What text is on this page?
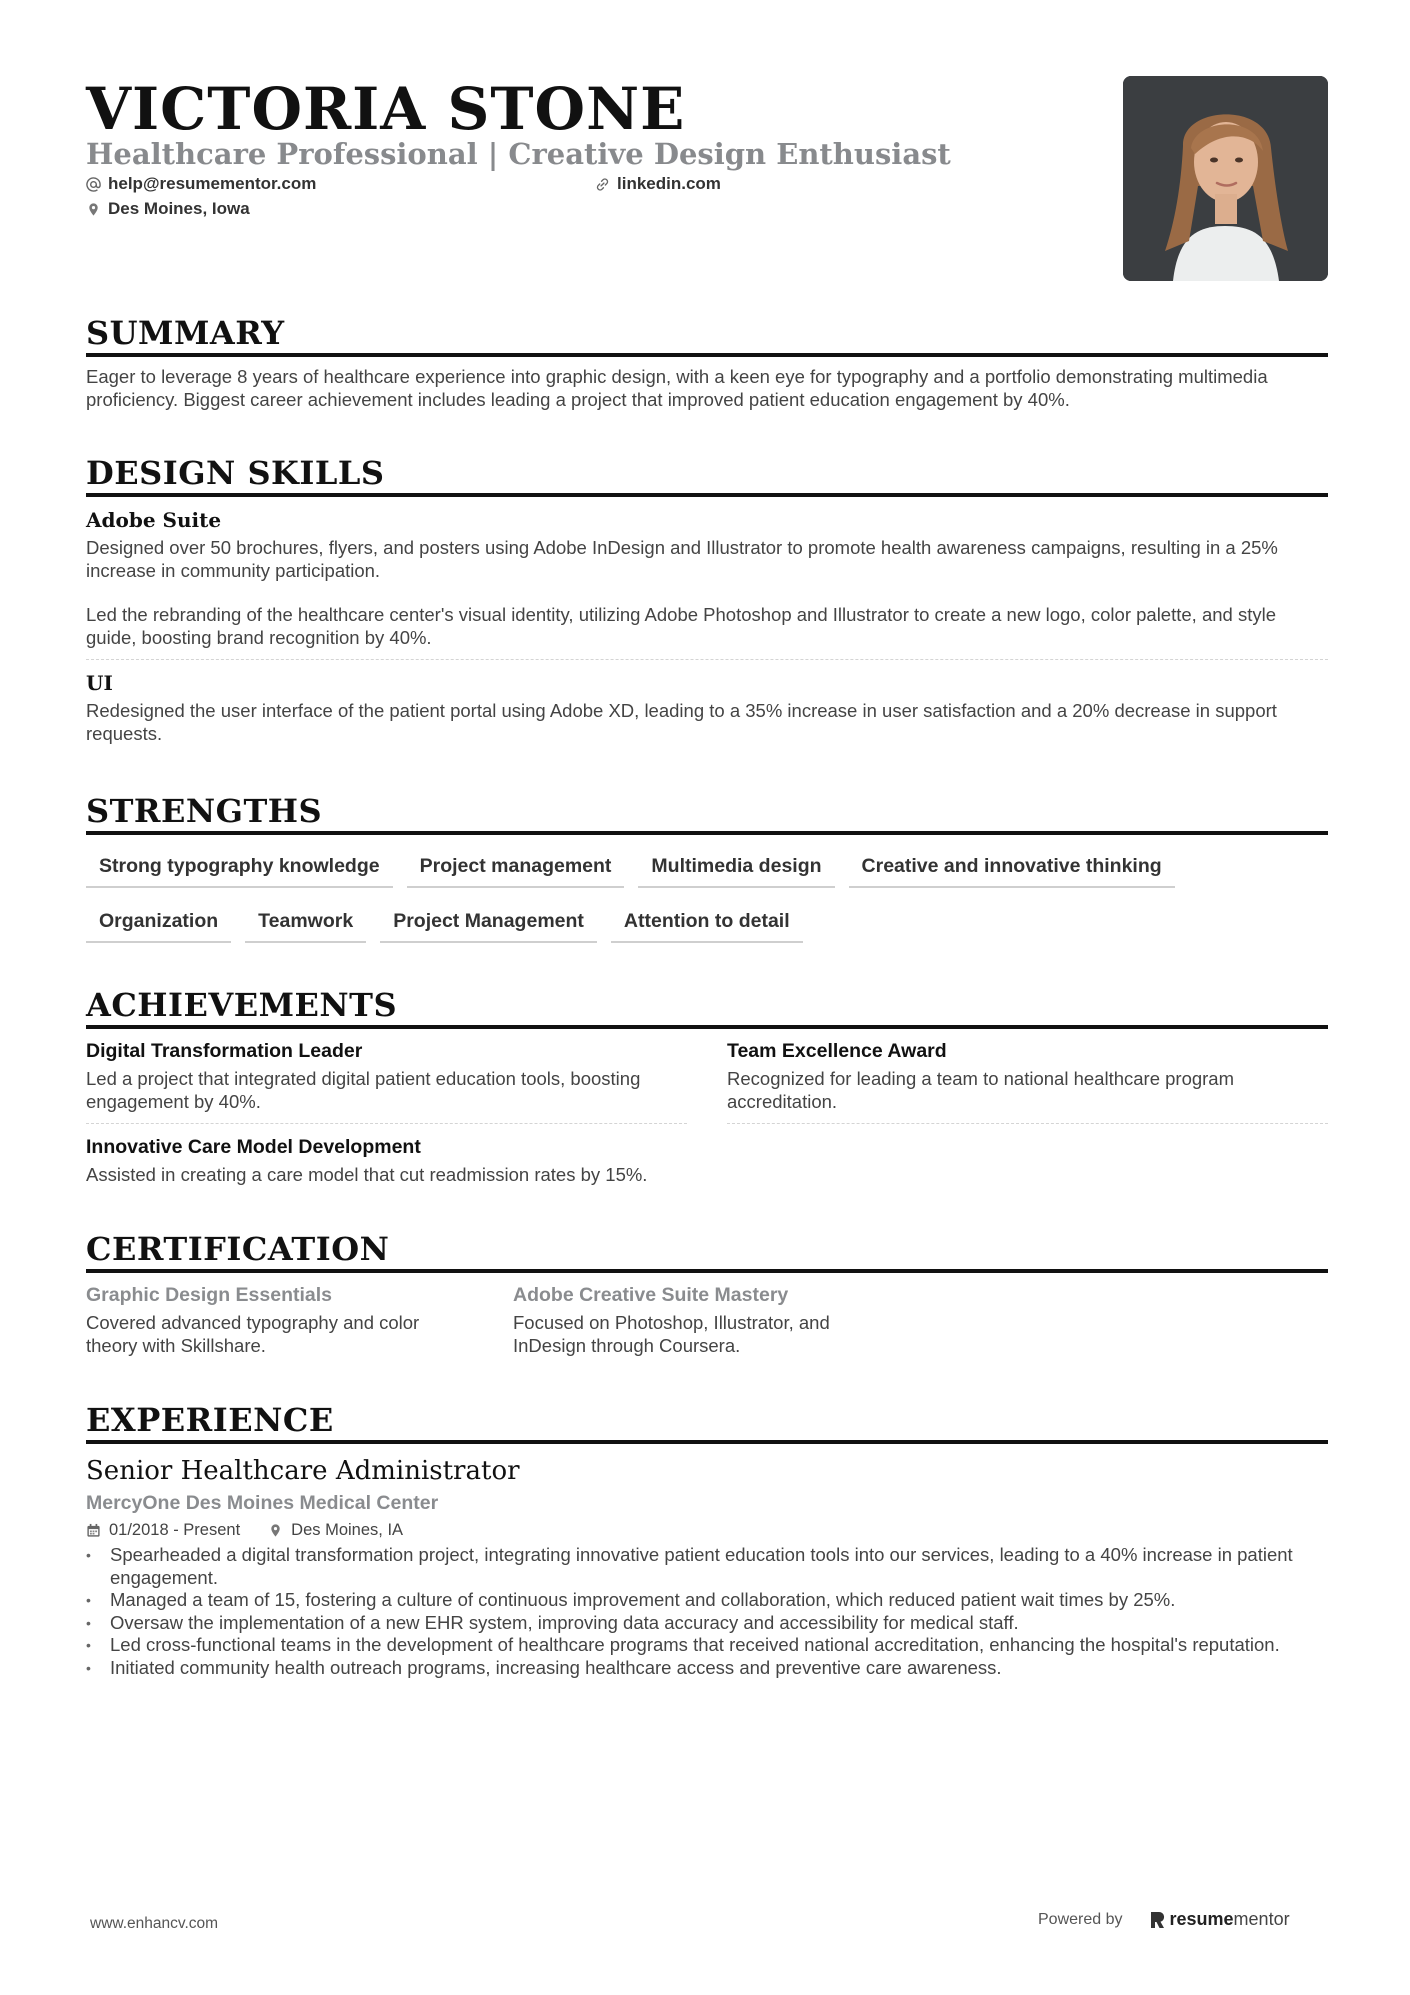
VICTORIA STONE
Healthcare Professional | Creative Design Enthusiast
help@resumementor.com	linkedin.com
Des Moines, Iowa
SUMMARY
Eager to leverage 8 years of healthcare experience into graphic design, with a keen eye for typography and a portfolio demonstrating multimedia proficiency. Biggest career achievement includes leading a project that improved patient education engagement by 40%.
DESIGN SKILLS
Adobe Suite
Designed over 50 brochures, flyers, and posters using Adobe InDesign and Illustrator to promote health awareness campaigns, resulting in a 25% increase in community participation.
Led the rebranding of the healthcare center's visual identity, utilizing Adobe Photoshop and Illustrator to create a new logo, color palette, and style guide, boosting brand recognition by 40%.
UI
Redesigned the user interface of the patient portal using Adobe XD, leading to a 35% increase in user satisfaction and a 20% decrease in support requests.
STRENGTHS
Strong typography knowledge	Project management	Multimedia design	Creative and innovative thinking
Organization	Teamwork	Project Management	Attention to detail
ACHIEVEMENTS
Digital Transformation Leader
Led a project that integrated digital patient education tools, boosting engagement by 40%.
Team Excellence Award
Recognized for leading a team to national healthcare program accreditation.
Innovative Care Model Development
Assisted in creating a care model that cut readmission rates by 15%.
CERTIFICATION
Graphic Design Essentials
Covered advanced typography and color theory with Skillshare.
Adobe Creative Suite Mastery
Focused on Photoshop, Illustrator, and InDesign through Coursera.
EXPERIENCE
Senior Healthcare Administrator
MercyOne Des Moines Medical Center
01/2018 - Present	Des Moines, IA
• Spearheaded a digital transformation project, integrating innovative patient education tools into our services, leading to a 40% increase in patient engagement.
• Managed a team of 15, fostering a culture of continuous improvement and collaboration, which reduced patient wait times by 25%.
• Oversaw the implementation of a new EHR system, improving data accuracy and accessibility for medical staff.
• Led cross-functional teams in the development of healthcare programs that received national accreditation, enhancing the hospital's reputation.
• Initiated community health outreach programs, increasing healthcare access and preventive care awareness.
www.enhancv.com	Powered by	resumementor
